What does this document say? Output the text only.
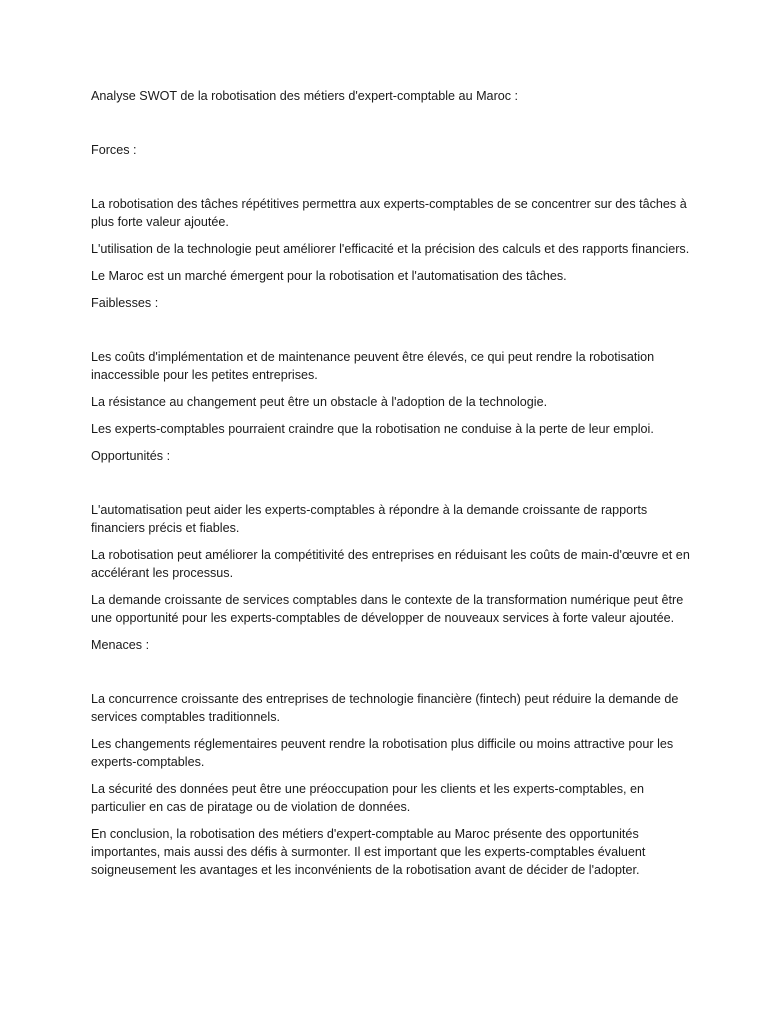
Analyse SWOT de la robotisation des métiers d'expert-comptable au Maroc :

Forces :

La robotisation des tâches répétitives permettra aux experts-comptables de se concentrer sur des tâches à plus forte valeur ajoutée.

L'utilisation de la technologie peut améliorer l'efficacité et la précision des calculs et des rapports financiers.

Le Maroc est un marché émergent pour la robotisation et l'automatisation des tâches.

Faiblesses :

Les coûts d'implémentation et de maintenance peuvent être élevés, ce qui peut rendre la robotisation inaccessible pour les petites entreprises.

La résistance au changement peut être un obstacle à l'adoption de la technologie.

Les experts-comptables pourraient craindre que la robotisation ne conduise à la perte de leur emploi.

Opportunités :

L'automatisation peut aider les experts-comptables à répondre à la demande croissante de rapports financiers précis et fiables.

La robotisation peut améliorer la compétitivité des entreprises en réduisant les coûts de main-d'œuvre et en accélérant les processus.

La demande croissante de services comptables dans le contexte de la transformation numérique peut être une opportunité pour les experts-comptables de développer de nouveaux services à forte valeur ajoutée.

Menaces :

La concurrence croissante des entreprises de technologie financière (fintech) peut réduire la demande de services comptables traditionnels.

Les changements réglementaires peuvent rendre la robotisation plus difficile ou moins attractive pour les experts-comptables.

La sécurité des données peut être une préoccupation pour les clients et les experts-comptables, en particulier en cas de piratage ou de violation de données.

En conclusion, la robotisation des métiers d'expert-comptable au Maroc présente des opportunités importantes, mais aussi des défis à surmonter. Il est important que les experts-comptables évaluent soigneusement les avantages et les inconvénients de la robotisation avant de décider de l'adopter.
